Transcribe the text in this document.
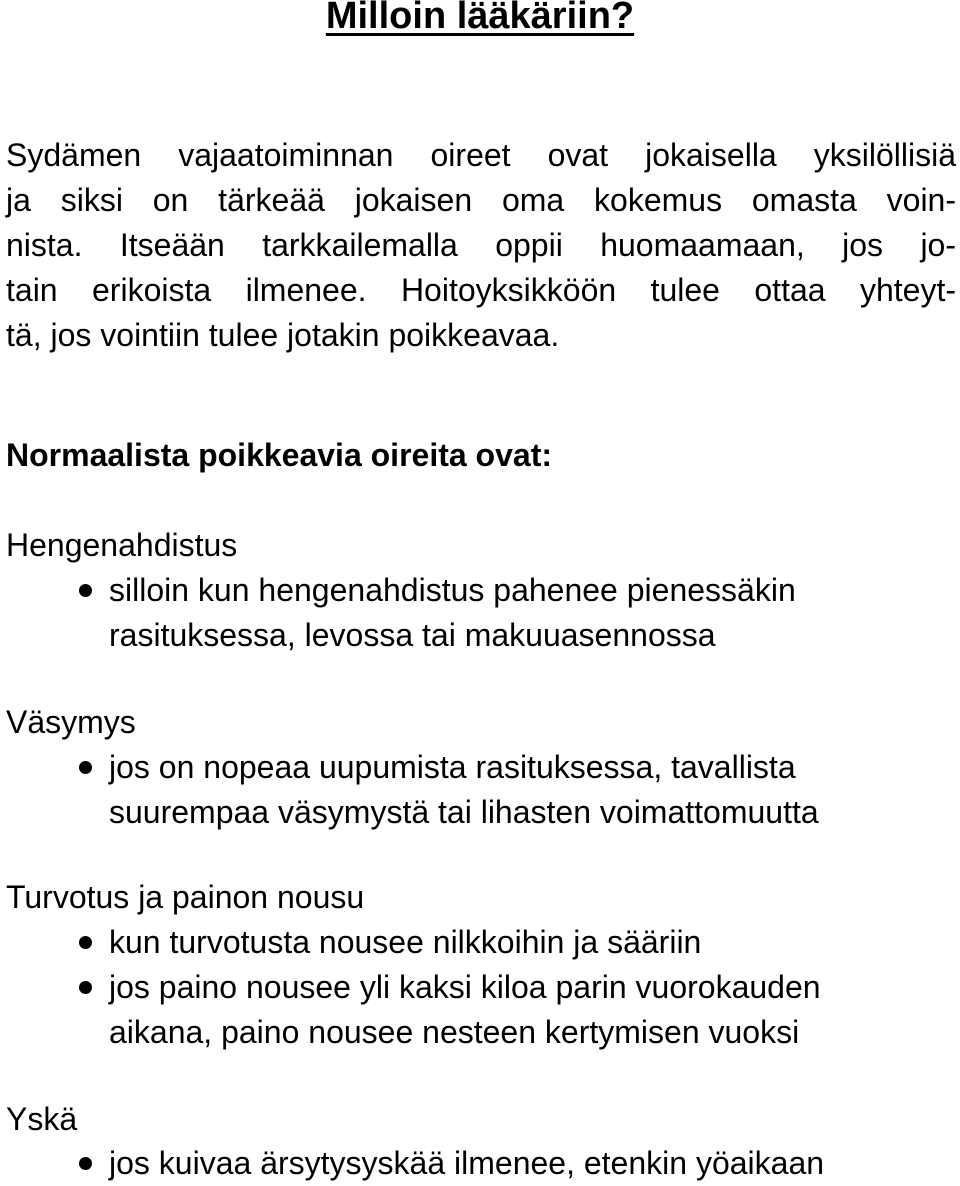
Milloin lääkäriin?
Sydämen vajaatoiminnan oireet ovat jokaisella yksilöllisiä
ja siksi on tärkeää jokaisen oma kokemus omasta voin-
nista. Itseään tarkkailemalla oppii huomaamaan, jos jo-
tain erikoista ilmenee. Hoitoyksikköön tulee ottaa yhteyt-
tä, jos vointiin tulee jotakin poikkeavaa.
Normaalista poikkeavia oireita ovat:
Hengenahdistus
silloin kun hengenahdistus pahenee pienessäkin
rasituksessa, levossa tai makuuasennossa
Väsymys
jos on nopeaa uupumista rasituksessa, tavallista
suurempaa väsymystä tai lihasten voimattomuutta
Turvotus ja painon nousu
kun turvotusta nousee nilkkoihin ja sääriin
jos paino nousee yli kaksi kiloa parin vuorokauden
aikana, paino nousee nesteen kertymisen vuoksi
Yskä
jos kuivaa ärsytysyskää ilmenee, etenkin yöaikaan
